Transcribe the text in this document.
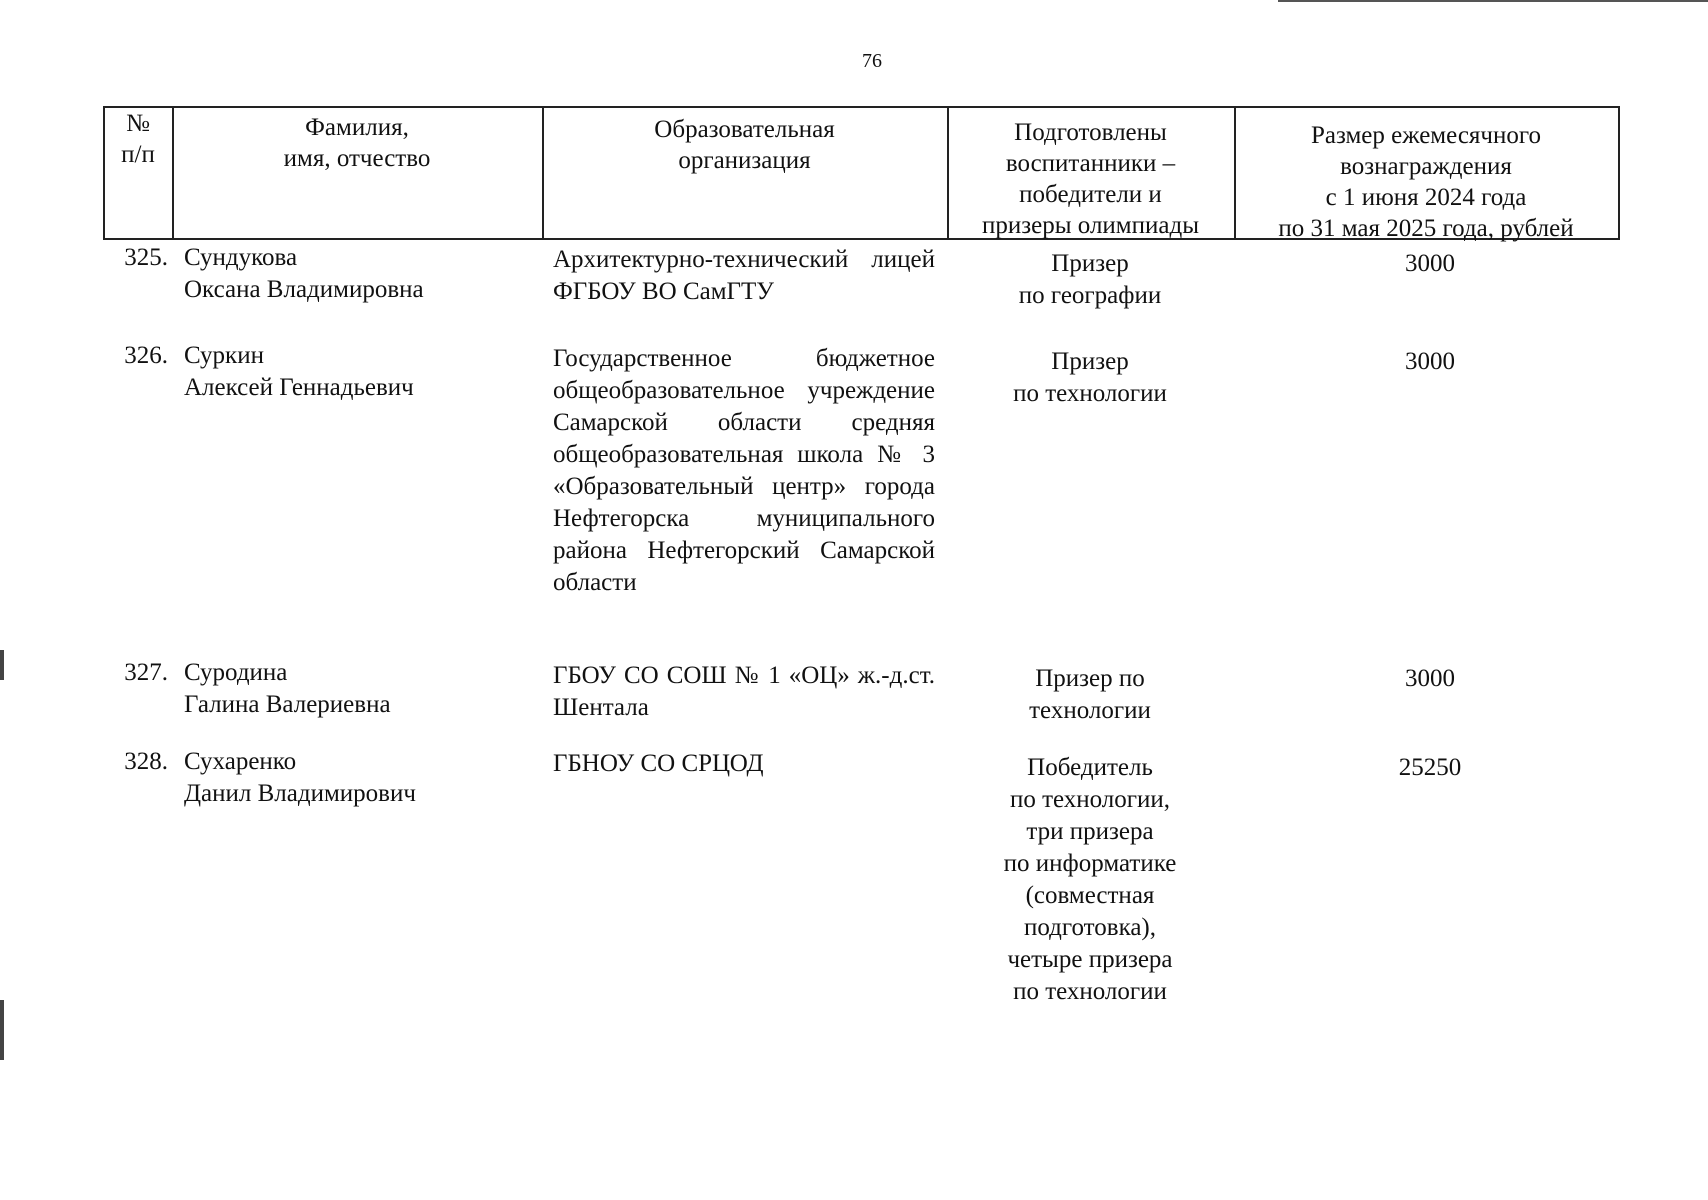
76
№
п/п
Фамилия,
имя, отчество
Образовательная
организация
Подготовлены
воспитанники –
победители и
призеры олимпиады
Размер ежемесячного
вознаграждения
с 1 июня 2024 года
по 31 мая 2025 года, рублей
325. Сундукова
Оксана Владимировна
Архитектурно-технический лицей ФГБОУ ВО СамГТУ
Призер
по географии
3000
326. Суркин
Алексей Геннадьевич
Государственное бюджетное общеобразовательное учреждение Самарской области средняя общеобразовательная школа № 3 «Образовательный центр» города Нефтегорска муниципального района Нефтегорский Самарской области
Призер
по технологии
3000
327. Суродина
Галина Валериевна
ГБОУ СО СОШ № 1 «ОЦ» ж.-д.ст. Шентала
Призер по
технологии
3000
328. Сухаренко
Данил Владимирович
ГБНОУ СО СРЦОД	Победитель
по технологии,
три призера
по информатике
(совместная
подготовка),
четыре призера
по технологии
25250
